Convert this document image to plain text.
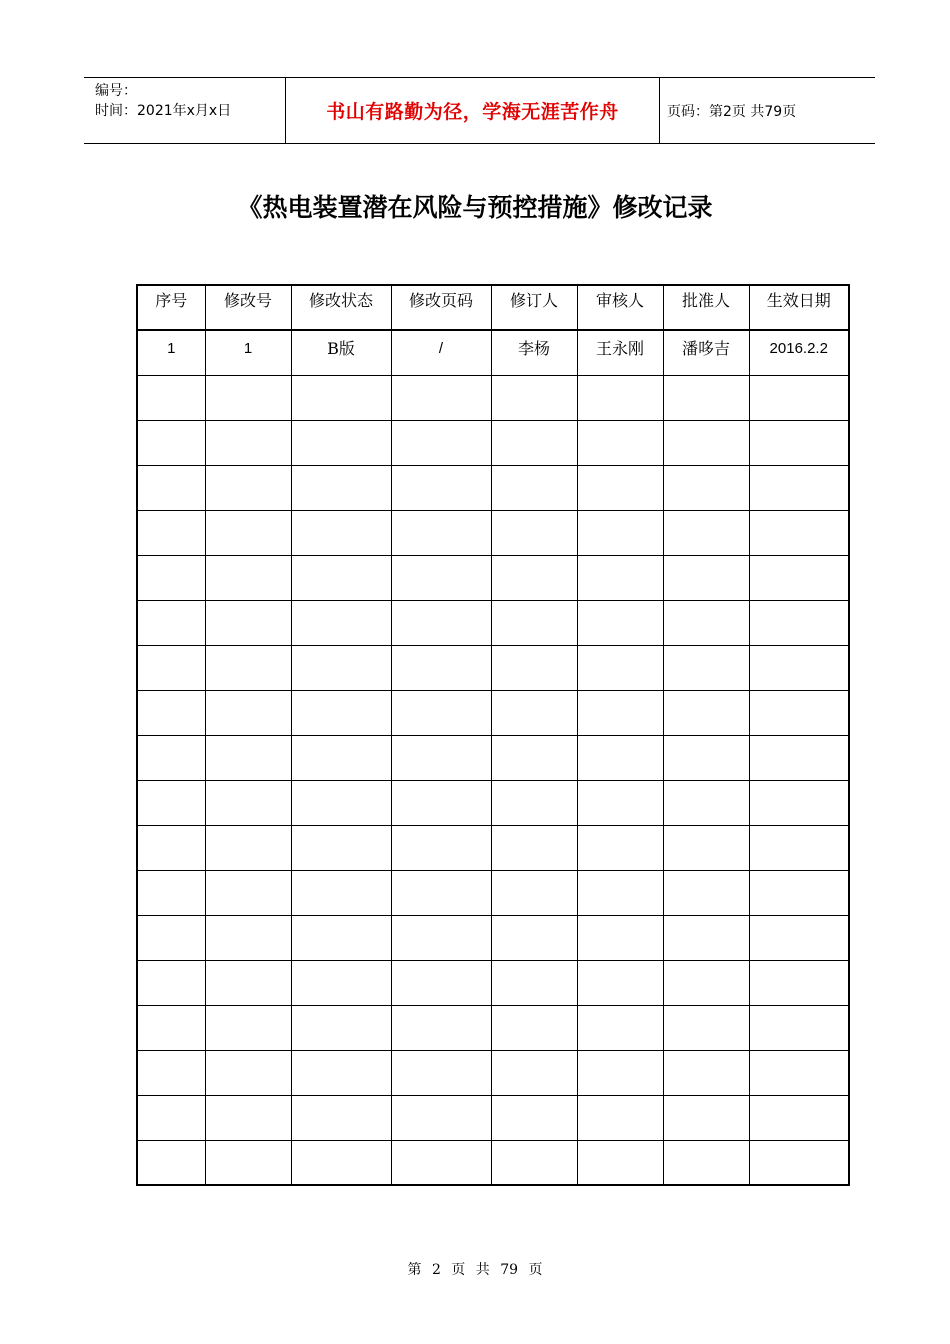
编号：
时间：2021年x月x日	书山有路勤为径，学海无涯苦作舟	页码：第2页 共79页
《热电装置潜在风险与预控措施》修改记录
序号	修改号	修改状态	修改页码	修订人	审核人	批准人	生效日期
1	1	B版	/	李杨	王永刚	潘哆吉	2016.2.2

第 2 页 共 79 页
